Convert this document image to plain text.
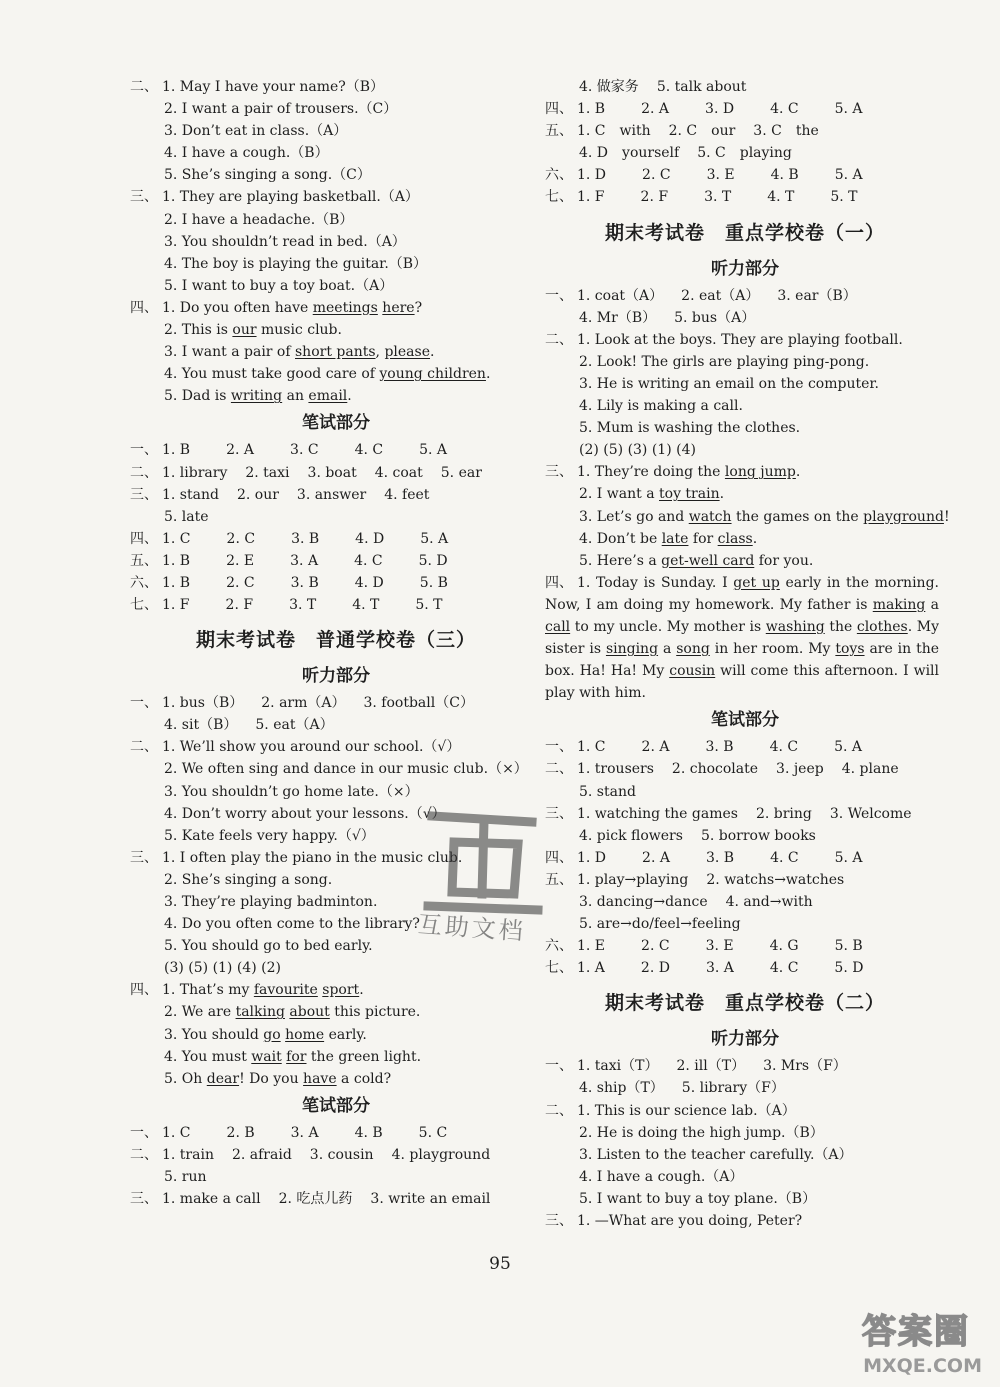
二、 1. May I have your name?（B）
2. I want a pair of trousers.（C）
3. Don’t eat in class.（A）
4. I have a cough.（B）
5. She’s singing a song.（C）
三、 1. They are playing basketball.（A）
2. I have a headache.（B）
3. You shouldn’t read in bed.（A）
4. The boy is playing the guitar.（B）
5. I want to buy a toy boat.（A）
四、 1. Do you often have meetings here?
2. This is our music club.
3. I want a pair of short pants, please.
4. You must take good care of young children.
5. Dad is writing an email.
笔试部分
一、 1. B	2. A	3. C	4. C	5. A
二、 1. library 2. taxi 3. boat 4. coat 5. ear
三、 1. stand 2. our 3. answer 4. feet
5. late
四、 1. C	2. C	3. B	4. D	5. A
五、 1. B	2. E	3. A	4. C	5. D
六、 1. B	2. C	3. B	4. D	5. B
七、 1. F	2. F	3. T	4. T	5. T
期末考试卷　普通学校卷（三）
听力部分
一、 1. bus（B） 2. arm（A） 3. football（C）
4. sit（B） 5. eat（A）
二、 1. We’ll show you around our school.（√）
2. We often sing and dance in our music club.（×）
3. You shouldn’t go home late.（×）
4. Don’t worry about your lessons.（√）
5. Kate feels very happy.（√）
三、 1. I often play the piano in the music club.
2. She’s singing a song.
3. They’re playing badminton.
4. Do you often come to the library?
5. You should go to bed early.
(3) (5) (1) (4) (2)
四、 1. That’s my favourite sport.
2. We are talking about this picture.
3. You should go home early.
4. You must wait for the green light.
5. Oh dear! Do you have a cold?
笔试部分
一、 1. C	2. B	3. A	4. B	5. C
二、 1. train 2. afraid 3. cousin 4. playground
5. run
三、 1. make a call 2. 吃点儿药 3. write an email
4. 做家务 5. talk about
四、 1. B	2. A	3. D	4. C	5. A
五、 1. C　with 2. C　our 3. C　the
4. D　yourself 5. C　playing
六、 1. D	2. C	3. E	4. B	5. A
七、 1. F	2. F	3. T	4. T	5. T
期末考试卷　重点学校卷（一）
听力部分
一、 1. coat（A） 2. eat（A） 3. ear（B）
4. Mr（B） 5. bus（A）
二、 1. Look at the boys. They are playing football.
2. Look! The girls are playing ping-pong.
3. He is writing an email on the computer.
4. Lily is making a call.
5. Mum is washing the clothes.
(2) (5) (3) (1) (4)
三、 1. They’re doing the long jump.
2. I want a toy train.
3. Let’s go and watch the games on the playground!
4. Don’t be late for class.
5. Here’s a get-well card for you.
四、 1. Today is Sunday. I get up early in the morning. Now, I am doing my homework. My father is making a call to my uncle. My mother is washing the clothes. My sister is singing a song in her room. My toys are in the box. Ha! Ha! My cousin will come this afternoon. I will play with him.
笔试部分
一、 1. C	2. A	3. B	4. C	5. A
二、 1. trousers 2. chocolate 3. jeep 4. plane
5. stand
三、 1. watching the games 2. bring 3. Welcome
4. pick flowers 5. borrow books
四、 1. D	2. A	3. B	4. C	5. A
五、 1. play→playing 2. watchs→watches
3. dancing→dance 4. and→with
5. are→do/feel→feeling
六、 1. E	2. C	3. E	4. G	5. B
七、 1. A	2. D	3. A	4. C	5. D
期末考试卷　重点学校卷（二）
听力部分
一、 1. taxi（T） 2. ill（T） 3. Mrs（F）
4. ship（T） 5. library（F）
二、 1. This is our science lab.（A）
2. He is doing the high jump.（B）
3. Listen to the teacher carefully.（A）
4. I have a cough.（A）
5. I want to buy a toy plane.（B）
三、 1. —What are you doing, Peter?
互助文档
95
答案圈
MXQE.COM
